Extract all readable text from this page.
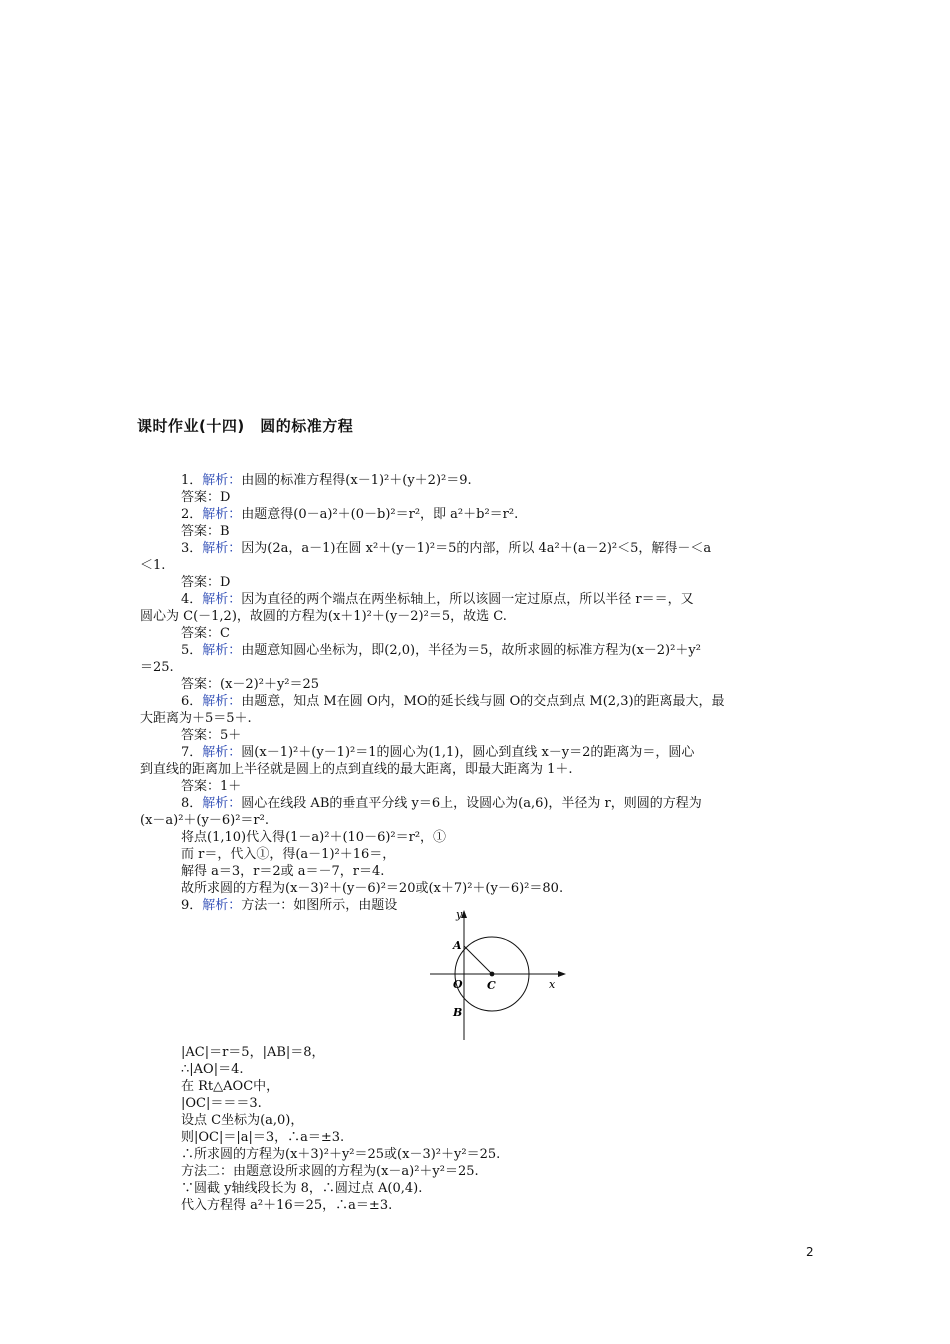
课时作业(十四)　圆的标准方程
1．解析：由圆的标准方程得(x－1)²＋(y＋2)²＝9.
答案：D
2．解析：由题意得(0－a)²＋(0－b)²＝r²，即 a²＋b²＝r².
答案：B
3．解析：因为(2a，a－1)在圆 x²＋(y－1)²＝5的内部，所以 4a²＋(a－2)²＜5，解得－＜a
＜1.
答案：D
4．解析：因为直径的两个端点在两坐标轴上，所以该圆一定过原点，所以半径 r＝＝，又
圆心为 C(－1,2)，故圆的方程为(x＋1)²＋(y－2)²＝5，故选 C.
答案：C
5．解析：由题意知圆心坐标为，即(2,0)，半径为＝5，故所求圆的标准方程为(x－2)²＋y²
＝25.
答案：(x－2)²＋y²＝25
6．解析：由题意，知点 M在圆 O内，MO的延长线与圆 O的交点到点 M(2,3)的距离最大，最
大距离为＋5＝5＋.
答案：5＋
7．解析：圆(x－1)²＋(y－1)²＝1的圆心为(1,1)，圆心到直线 x－y＝2的距离为＝，圆心
到直线的距离加上半径就是圆上的点到直线的最大距离，即最大距离为 1＋.
答案：1＋
8．解析：圆心在线段 AB的垂直平分线 y＝6上，设圆心为(a,6)，半径为 r，则圆的方程为
(x－a)²＋(y－6)²＝r².
将点(1,10)代入得(1－a)²＋(10－6)²＝r²，①
而 r＝，代入①，得(a－1)²＋16＝，
解得 a＝3，r＝2或 a＝－7，r＝4.
故所求圆的方程为(x－3)²＋(y－6)²＝20或(x＋7)²＋(y－6)²＝80.
9．解析：方法一：如图所示，由题设
|AC|＝r＝5，|AB|＝8，
∴|AO|＝4.
在 Rt△AOC中，
|OC|＝＝＝3.
设点 C坐标为(a,0)，
则|OC|＝|a|＝3，∴a＝±3.
∴所求圆的方程为(x＋3)²＋y²＝25或(x－3)²＋y²＝25.
方法二：由题意设所求圆的方程为(x－a)²＋y²＝25.
∵圆截 y轴线段长为 8，∴圆过点 A(0,4).
代入方程得 a²＋16＝25，∴a＝±3.
y
x
A
O C
B
2
